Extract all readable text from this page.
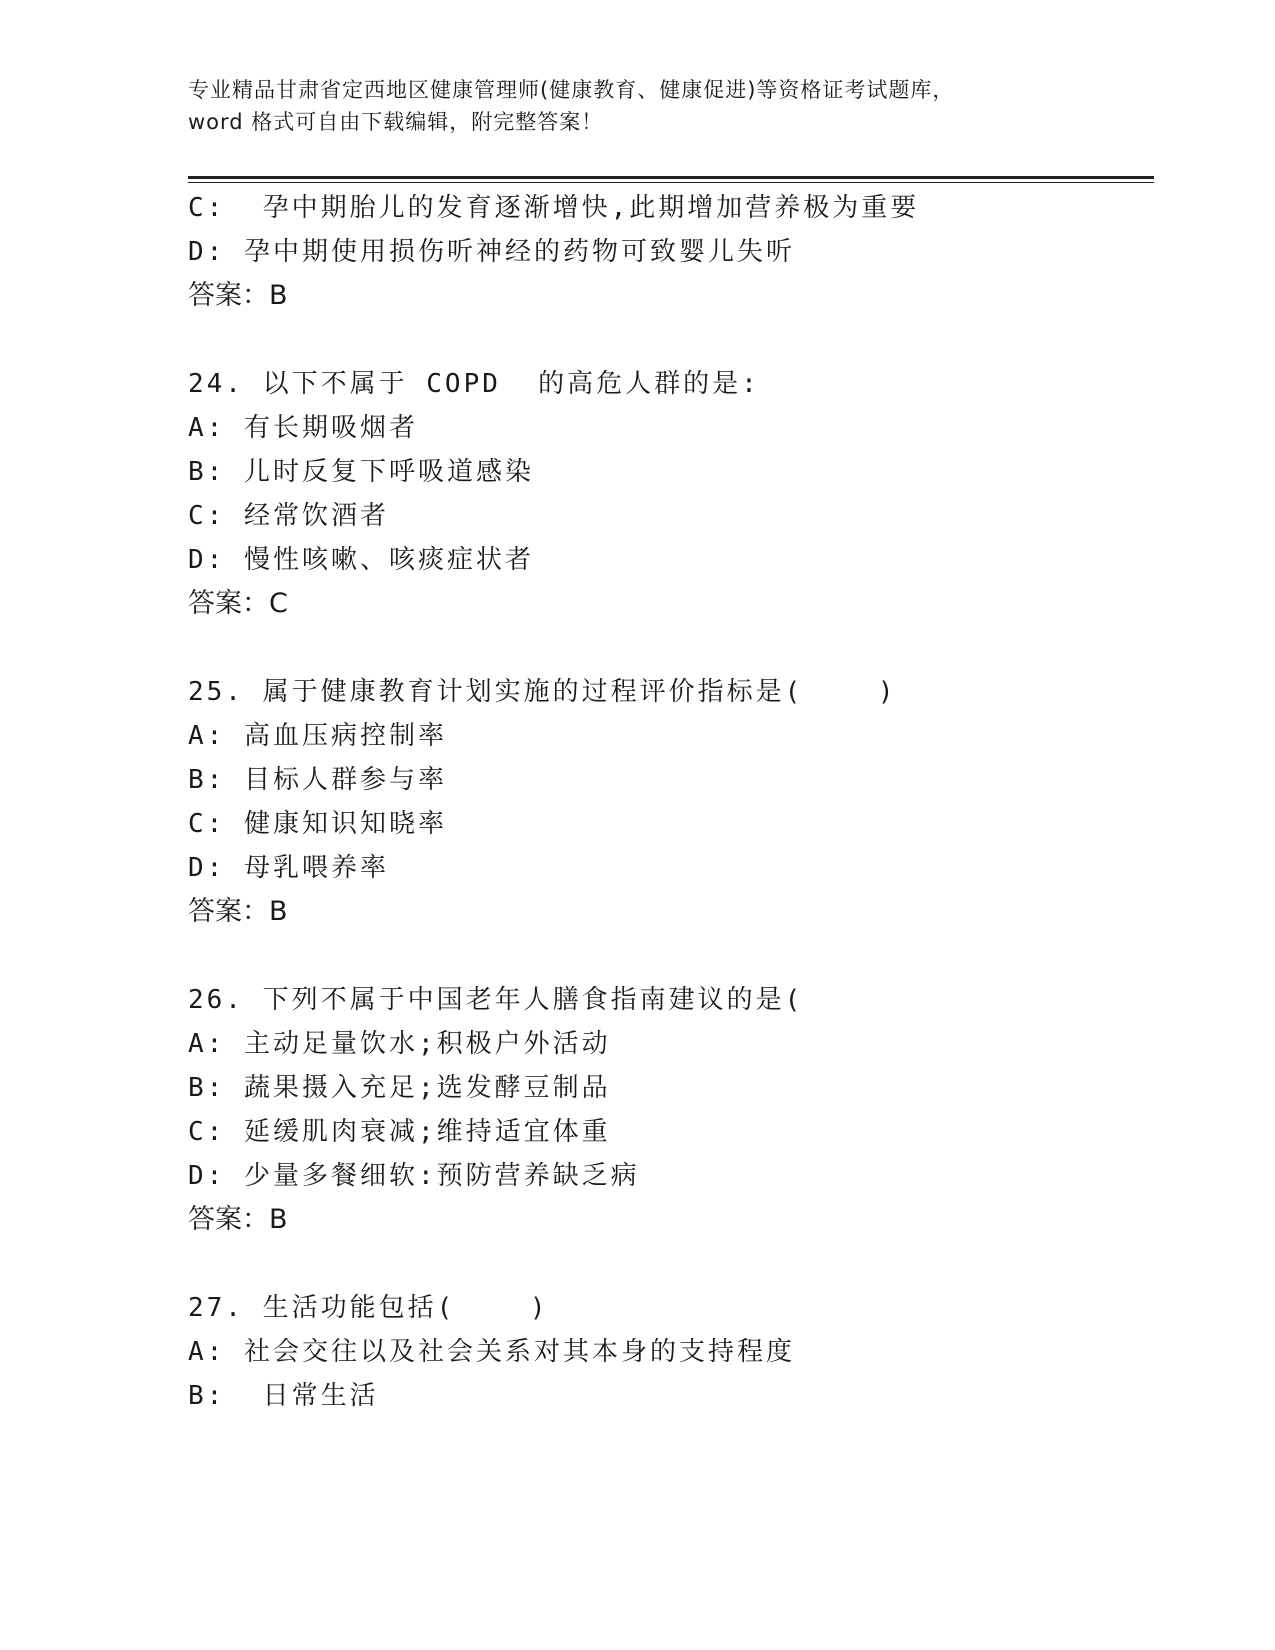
专业精品甘肃省定西地区健康管理师(健康教育、健康促进)等资格证考试题库，
word 格式可自由下载编辑，附完整答案！
C:  孕中期胎儿的发育逐渐增快,此期增加营养极为重要
D: 孕中期使用损伤听神经的药物可致婴儿失听
答案：B
24. 以下不属于 COPD  的高危人群的是:
A: 有长期吸烟者
B: 儿时反复下呼吸道感染
C: 经常饮酒者
D: 慢性咳嗽、咳痰症状者
答案：C
25. 属于健康教育计划实施的过程评价指标是(    )
A: 高血压病控制率
B: 目标人群参与率
C: 健康知识知晓率
D: 母乳喂养率
答案：B
26. 下列不属于中国老年人膳食指南建议的是(
A: 主动足量饮水;积极户外活动
B: 蔬果摄入充足;选发酵豆制品
C: 延缓肌肉衰减;维持适宜体重
D: 少量多餐细软:预防营养缺乏病
答案：B
27. 生活功能包括(    )
A: 社会交往以及社会关系对其本身的支持程度
B:  日常生活
